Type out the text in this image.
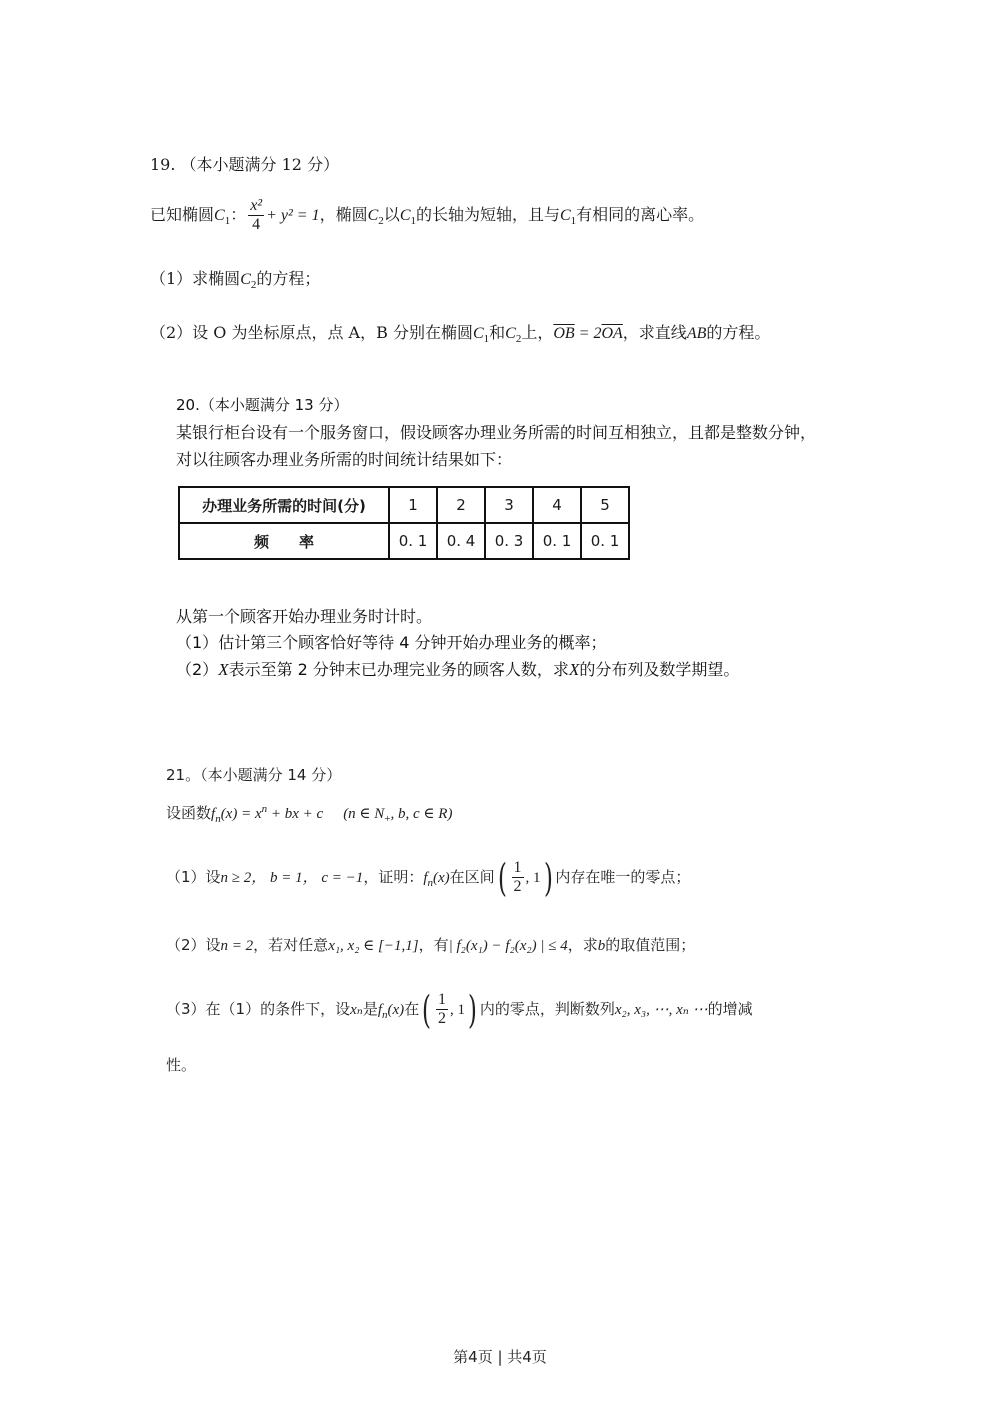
19. （本小题满分 12 分）
已知椭圆$C_1$： $\frac{\text{x²}}{4} + y^2 = 1$，椭圆$C_2$以$C_1$的长轴为短轴，且与$C_1$有相同的离心率。
（1）求椭圆$C_2$的方程；
（2）设 O 为坐标原点，点 A，B 分别在椭圆$C_1$和$C_2$上，$\overline{OB} = 2\overline{OA}$，求直线AB的方程。
20.（本小题满分 13 分）
某银行柜台设有一个服务窗口，假设顾客办理业务所需的时间互相独立，且都是整数分钟，
对以往顾客办理业务所需的时间统计结果如下：
办理业务所需的时间(分)	1	2	3	4	5
频　　率	0. 1	0. 4	0. 3	0. 1	0. 1
从第一个顾客开始办理业务时计时。
（1）估计第三个顾客恰好等待 4 分钟开始办理业务的概率；
（2）X表示至第 2 分钟末已办理完业务的顾客人数，求X的分布列及数学期望。
21。（本小题满分 14 分）
设函数$f_n(x) = x^n$ + bx + c (n ∈ $N_+$, b, c ∈ R)
（1）设n ≥ 2， b = 1， c = −1，证明：$f_n(x)$在区间( $\frac{1}{2}$ , 1) 内存在唯一的零点；
（2）设n = 2，若对任意x₁, x₂ ∈ [−1,1]，有| f₂(x₁) − f₂(x₂) | ≤ 4，求b的取值范围；
（3）在（1）的条件下，设xₙ是$f_n(x)$在( $\frac{1}{2}$ , 1) 内的零点，判断数列x₂, x₃, ⋯, xₙ ⋯的增减
性。
第4页 | 共4页
